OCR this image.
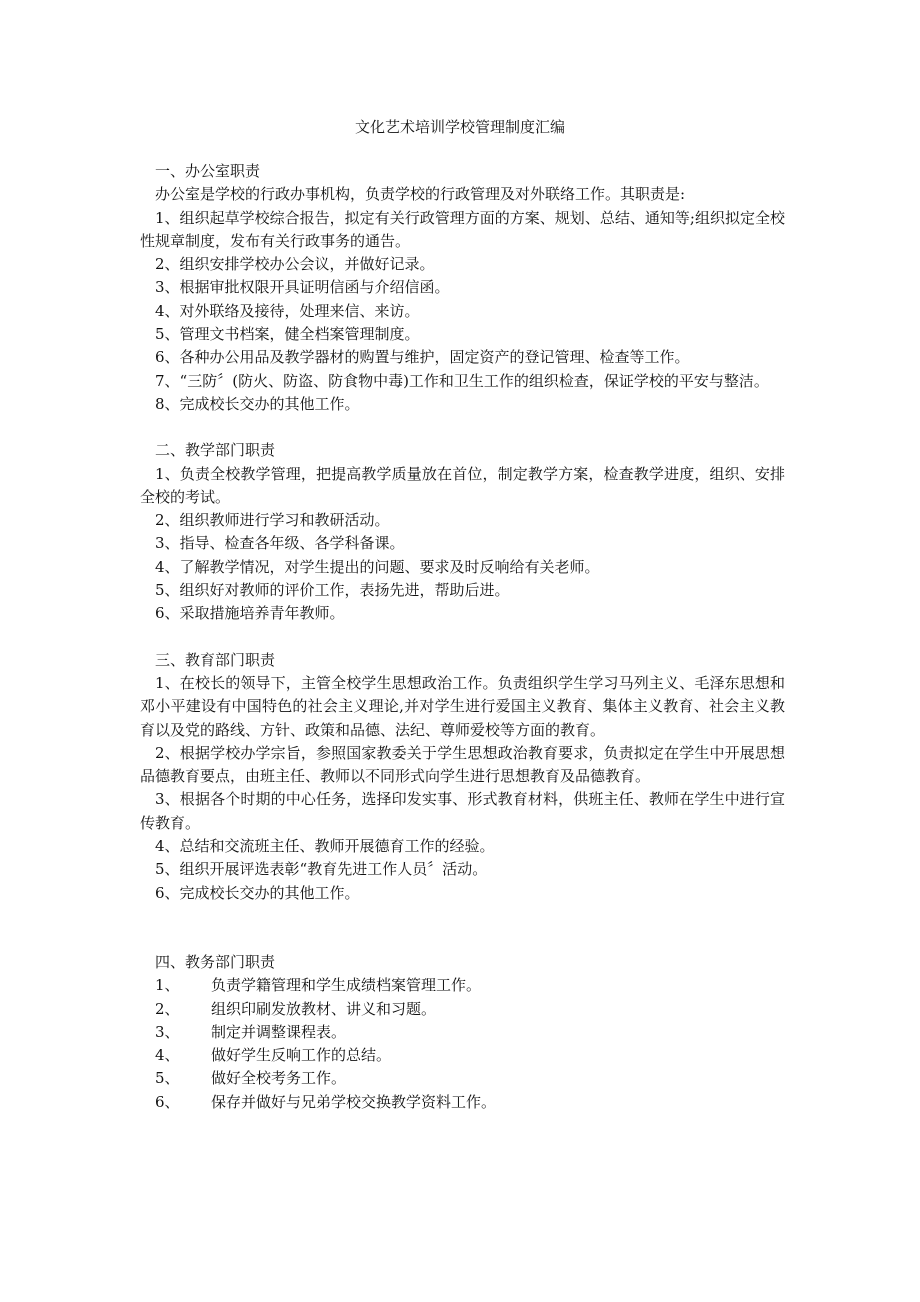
文化艺术培训学校管理制度汇编

一、办公室职责

办公室是学校的行政办事机构，负责学校的行政管理及对外联络工作。其职责是:

1、组织起草学校综合报告，拟定有关行政管理方面的方案、规划、总结、通知等;组织拟定全校性规章制度，发布有关行政事务的通告。

2、组织安排学校办公会议，并做好记录。

3、根据审批权限开具证明信函与介绍信函。

4、对外联络及接待，处理来信、来访。

5、管理文书档案，健全档案管理制度。

6、各种办公用品及教学器材的购置与维护，固定资产的登记管理、检查等工作。

7、“三防〞(防火、防盗、防食物中毒)工作和卫生工作的组织检查，保证学校的平安与整洁。

8、完成校长交办的其他工作。

二、教学部门职责

1、负责全校教学管理，把提高教学质量放在首位，制定教学方案，检查教学进度，组织、安排全校的考试。

2、组织教师进行学习和教研活动。

3、指导、检查各年级、各学科备课。

4、了解教学情况，对学生提出的问题、要求及时反响给有关老师。

5、组织好对教师的评价工作，表扬先进，帮助后进。

6、采取措施培养青年教师。

三、教育部门职责

1、在校长的领导下，主管全校学生思想政治工作。负责组织学生学习马列主义、毛泽东思想和邓小平建设有中国特色的社会主义理论,并对学生进行爱国主义教育、集体主义教育、社会主义教育以及党的路线、方针、政策和品德、法纪、尊师爱校等方面的教育。

2、根据学校办学宗旨，参照国家教委关于学生思想政治教育要求，负责拟定在学生中开展思想品德教育要点，由班主任、教师以不同形式向学生进行思想教育及品德教育。

3、根据各个时期的中心任务，选择印发实事、形式教育材料，供班主任、教师在学生中进行宣传教育。

4、总结和交流班主任、教师开展德育工作的经验。

5、组织开展评选表彰“教育先进工作人员〞活动。

6、完成校长交办的其他工作。

四、教务部门职责

1、 负责学籍管理和学生成绩档案管理工作。

2、 组织印刷发放教材、讲义和习题。

3、 制定并调整课程表。

4、 做好学生反响工作的总结。

5、 做好全校考务工作。

6、 保存并做好与兄弟学校交换教学资料工作。
